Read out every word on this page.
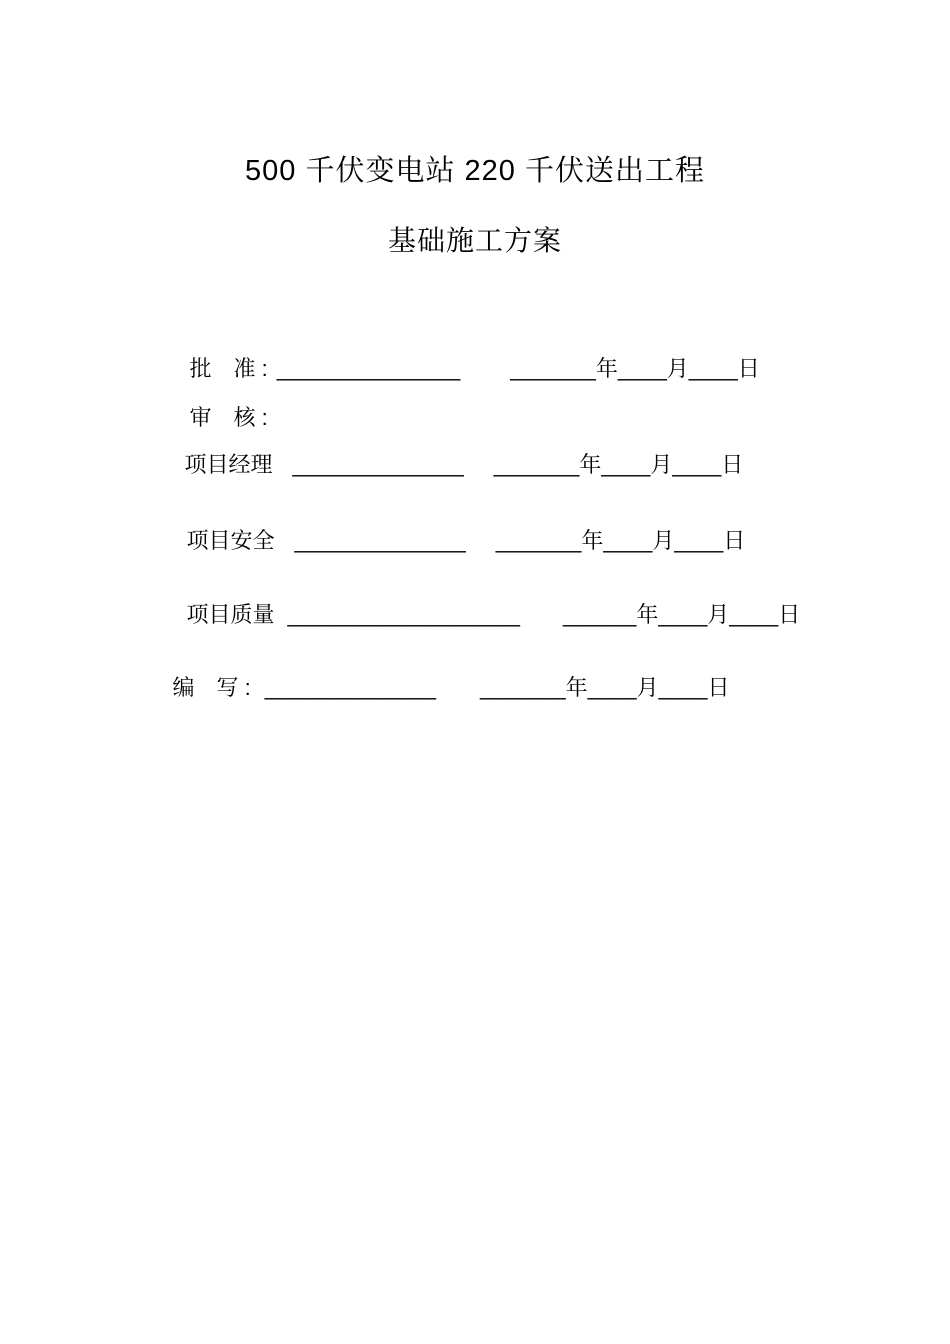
500 千伏变电站 220 千伏送出工程
基础施工方案

批　准 : _______________ _______年____月____日

审　核 :

项目经理 ______________ _______年____月____日

项目安全 ______________ _______年____月____日

项目质量 ___________________ ______年____月____日

编　写 : ______________ _______年____月____日
